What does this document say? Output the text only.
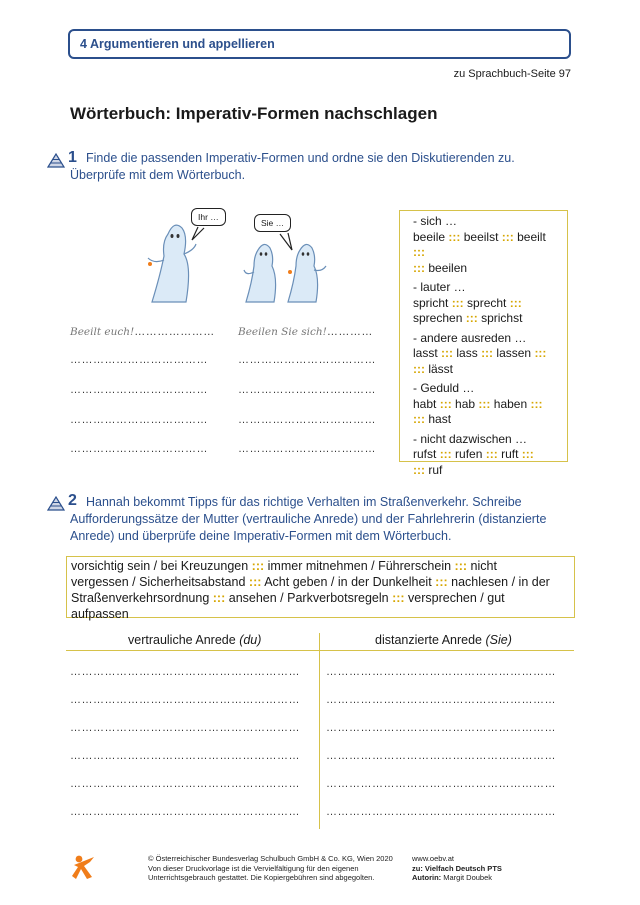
4 Argumentieren und appellieren
zu Sprachbuch-Seite 97
Wörterbuch: Imperativ-Formen nachschlagen
1 Finde die passenden Imperativ-Formen und ordne sie den Diskutierenden zu.
Überprüfe mit dem Wörterbuch.
Ihr …
Sie …
Beeilt euch!…………………
………………………………
………………………………
………………………………
………………………………
Beeilen Sie sich!…………
………………………………
………………………………
………………………………
………………………………
- sich …
beeile ::: beeilst ::: beeilt :::
::: beeilen
- lauter …
spricht ::: sprecht :::
sprechen ::: sprichst
- andere ausreden …
lasst ::: lass ::: lassen :::
::: lässt
- Geduld …
habt ::: hab ::: haben :::
::: hast
- nicht dazwischen …
rufst ::: rufen ::: ruft :::
::: ruf
2 Hannah bekommt Tipps für das richtige Verhalten im Straßenverkehr. Schreibe
Aufforderungssätze der Mutter (vertrauliche Anrede) und der Fahrlehrerin (distanzierte
Anrede) und überprüfe deine Imperativ-Formen mit dem Wörterbuch.
vorsichtig sein / bei Kreuzungen ::: immer mitnehmen / Führerschein ::: nicht
vergessen / Sicherheitsabstand ::: Acht geben / in der Dunkelheit ::: nachlesen / in der
Straßenverkehrsordnung ::: ansehen / Parkverbotsregeln ::: versprechen / gut
aufpassen
vertrauliche Anrede (du)	distanzierte Anrede (Sie)
…………………………………………………… ……………………………………………………
…………………………………………………… ……………………………………………………
…………………………………………………… ……………………………………………………
…………………………………………………… ……………………………………………………
…………………………………………………… ……………………………………………………
…………………………………………………… ……………………………………………………
© Österreichischer Bundesverlag Schulbuch GmbH & Co. KG, Wien 2020
Von dieser Druckvorlage ist die Vervielfältigung für den eigenen
Unterrichtsgebrauch gestattet. Die Kopiergebühren sind abgegolten.
www.oebv.at
zu: Vielfach Deutsch PTS
Autorin: Margit Doubek
